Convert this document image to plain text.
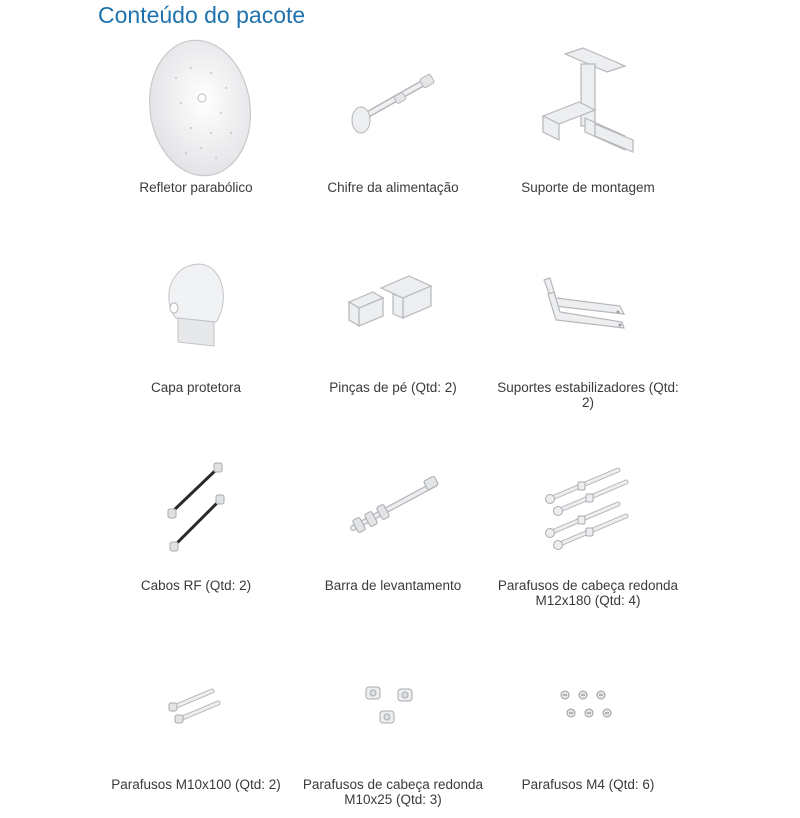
Conteúdo do pacote
Refletor parabólico	Chifre da alimentação	Suporte de montagem
Capa protetora	Pinças de pé (Qtd: 2)	Suportes estabilizadores (Qtd: 2)
Cabos RF (Qtd: 2)	Barra de levantamento	Parafusos de cabeça redonda M12x180 (Qtd: 4)
Parafusos M10x100 (Qtd: 2)	Parafusos de cabeça redonda M10x25 (Qtd: 3)
Parafusos M4 (Qtd: 6)
